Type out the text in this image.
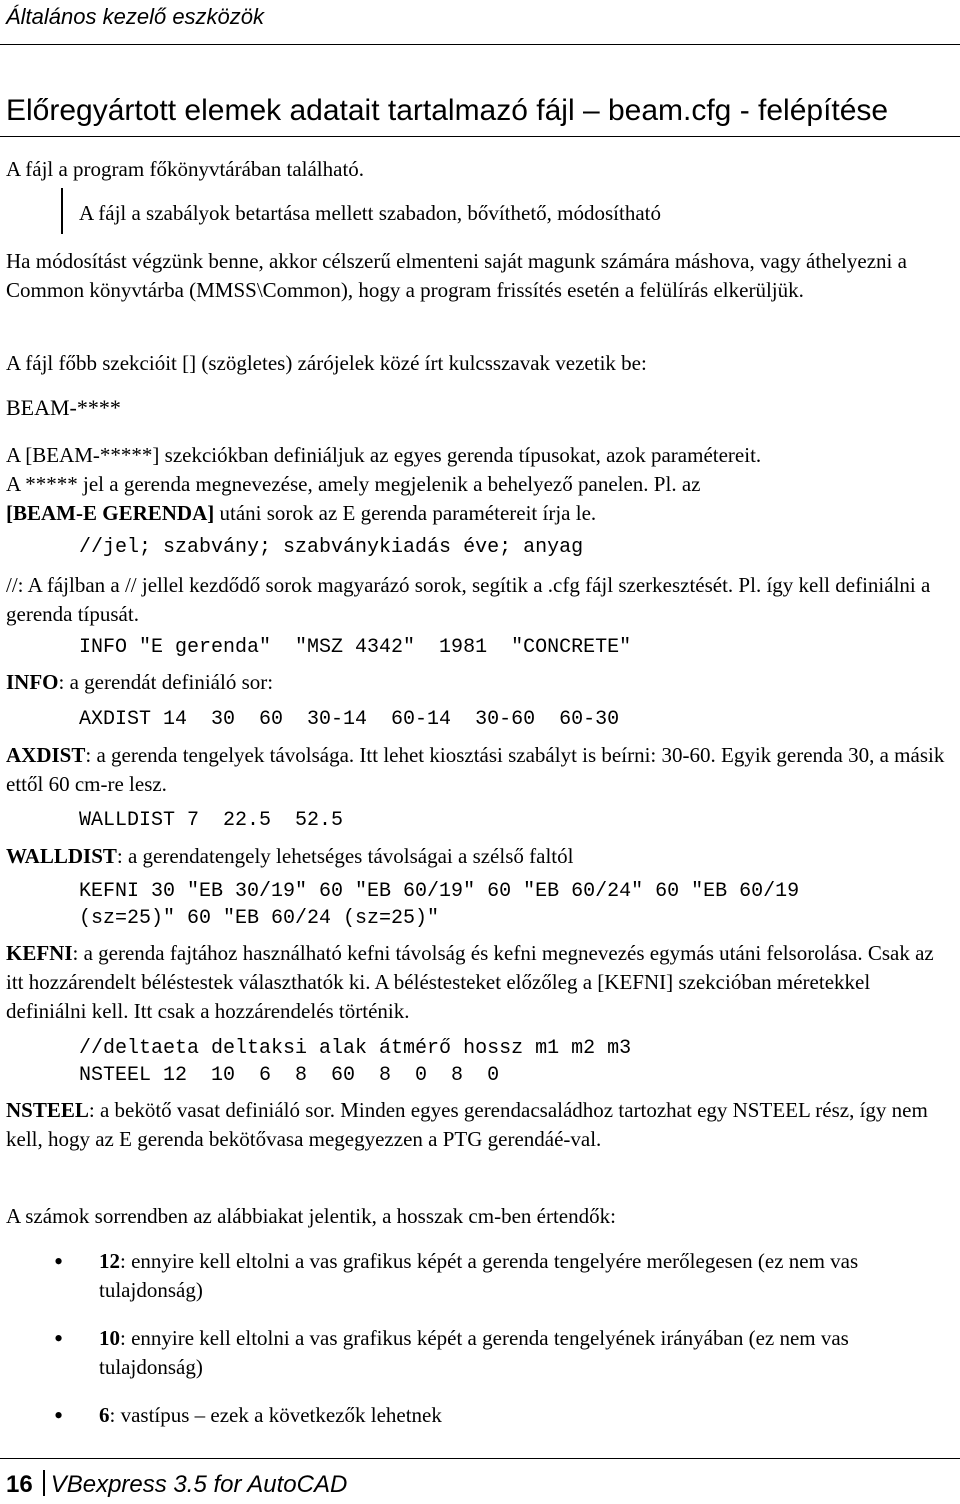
Általános kezelő eszközök
Előregyártott elemek adatait tartalmazó fájl – beam.cfg - felépítése
A fájl a program főkönyvtárában található.
A fájl a szabályok betartása mellett szabadon, bővíthető, módosítható
Ha módosítást végzünk benne, akkor célszerű elmenteni saját magunk számára máshova, vagy áthelyezni a Common könyvtárba (MMSS\Common), hogy a program frissítés esetén a felülírás elkerüljük.
A fájl főbb szekcióit [] (szögletes) zárójelek közé írt kulcsszavak vezetik be:
BEAM-****
A [BEAM-*****] szekciókban definiáljuk az egyes gerenda típusokat, azok paramétereit.
A ***** jel a gerenda megnevezése, amely megjelenik a behelyező panelen. Pl. az
[BEAM-E GERENDA] utáni sorok az E gerenda paramétereit írja le.
//jel; szabvány; szabványkiadás éve; anyag
//: A fájlban a // jellel kezdődő sorok magyarázó sorok, segítik a .cfg fájl szerkesztését. Pl. így kell definiálni a gerenda típusát.
INFO "E gerenda"  "MSZ 4342"  1981  "CONCRETE"
INFO: a gerendát definiáló sor:
AXDIST 14  30  60  30-14  60-14  30-60  60-30
AXDIST: a gerenda tengelyek távolsága. Itt lehet kiosztási szabályt is beírni: 30-60. Egyik gerenda 30, a másik ettől 60 cm-re lesz.
WALLDIST 7  22.5  52.5
WALLDIST: a gerendatengely lehetséges távolságai a szélső faltól
KEFNI 30 "EB 30/19" 60 "EB 60/19" 60 "EB 60/24" 60 "EB 60/19
(sz=25)" 60 "EB 60/24 (sz=25)"
KEFNI: a gerenda fajtához használható kefni távolság és kefni megnevezés egymás utáni felsorolása. Csak az itt hozzárendelt béléstestek választhatók ki. A béléstesteket előzőleg a [KEFNI] szekcióban méretekkel definiálni kell. Itt csak a hozzárendelés történik.
//deltaeta deltaksi alak átmérő hossz m1 m2 m3
NSTEEL 12  10  6  8  60  8  0  8  0
NSTEEL: a bekötő vasat definiáló sor. Minden egyes gerendacsaládhoz tartozhat egy NSTEEL rész, így nem kell, hogy az E gerenda bekötővasa megegyezzen a PTG gerendáé-val.
A számok sorrendben az alábbiakat jelentik, a hosszak cm-ben értendők:
• 12: ennyire kell eltolni a vas grafikus képét a gerenda tengelyére merőlegesen (ez nem vas tulajdonság)
• 10: ennyire kell eltolni a vas grafikus képét a gerenda tengelyének irányában (ez nem vas tulajdonság)
• 6: vastípus – ezek a következők lehetnek
16 VBexpress 3.5 for AutoCAD
